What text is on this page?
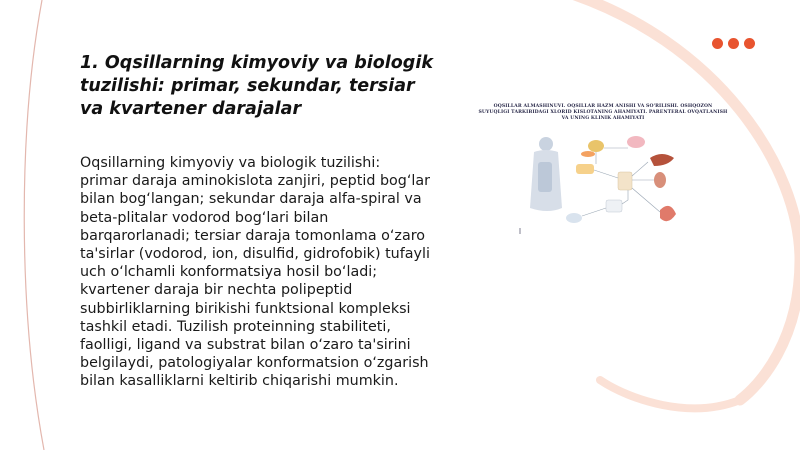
1. Oqsillarning kimyoviy va biologik tuzilishi: primar, sekundar, tersiar va kvartener darajalar

Oqsillarning kimyoviy va biologik tuzilishi: primar daraja aminokislota zanjiri, peptid bog‘lar bilan bog‘langan; sekundar daraja alfa-spiral va beta-plitalar vodorod bog‘lari bilan barqarorlanadi; tersiar daraja tomonlama o‘zaro ta'sirlar (vodorod, ion, disulfid, gidrofobik) tufayli uch o‘lchamli konformatsiya hosil bo‘ladi; kvartener daraja bir nechta polipeptid subbirliklarning birikishi funktsional kompleksi tashkil etadi. Tuzilish proteinning stabiliteti, faolligi, ligand va substrat bilan o‘zaro ta'sirini belgilaydi, patologiyalar konformatsion o‘zgarish bilan kasalliklarni keltirib chiqarishi mumkin.

OQSILLAR ALMASHINUVI. OQSILLAR HAZM ANISHI VA SO'RILISHI. OSHQOZON SUYUQLIGI TARKIBIDAGI XLORID KISLOTANING AHAMIYATI. PARENTERAL OVQATLANISH VA UNING KLINIK AHAMIYATI
